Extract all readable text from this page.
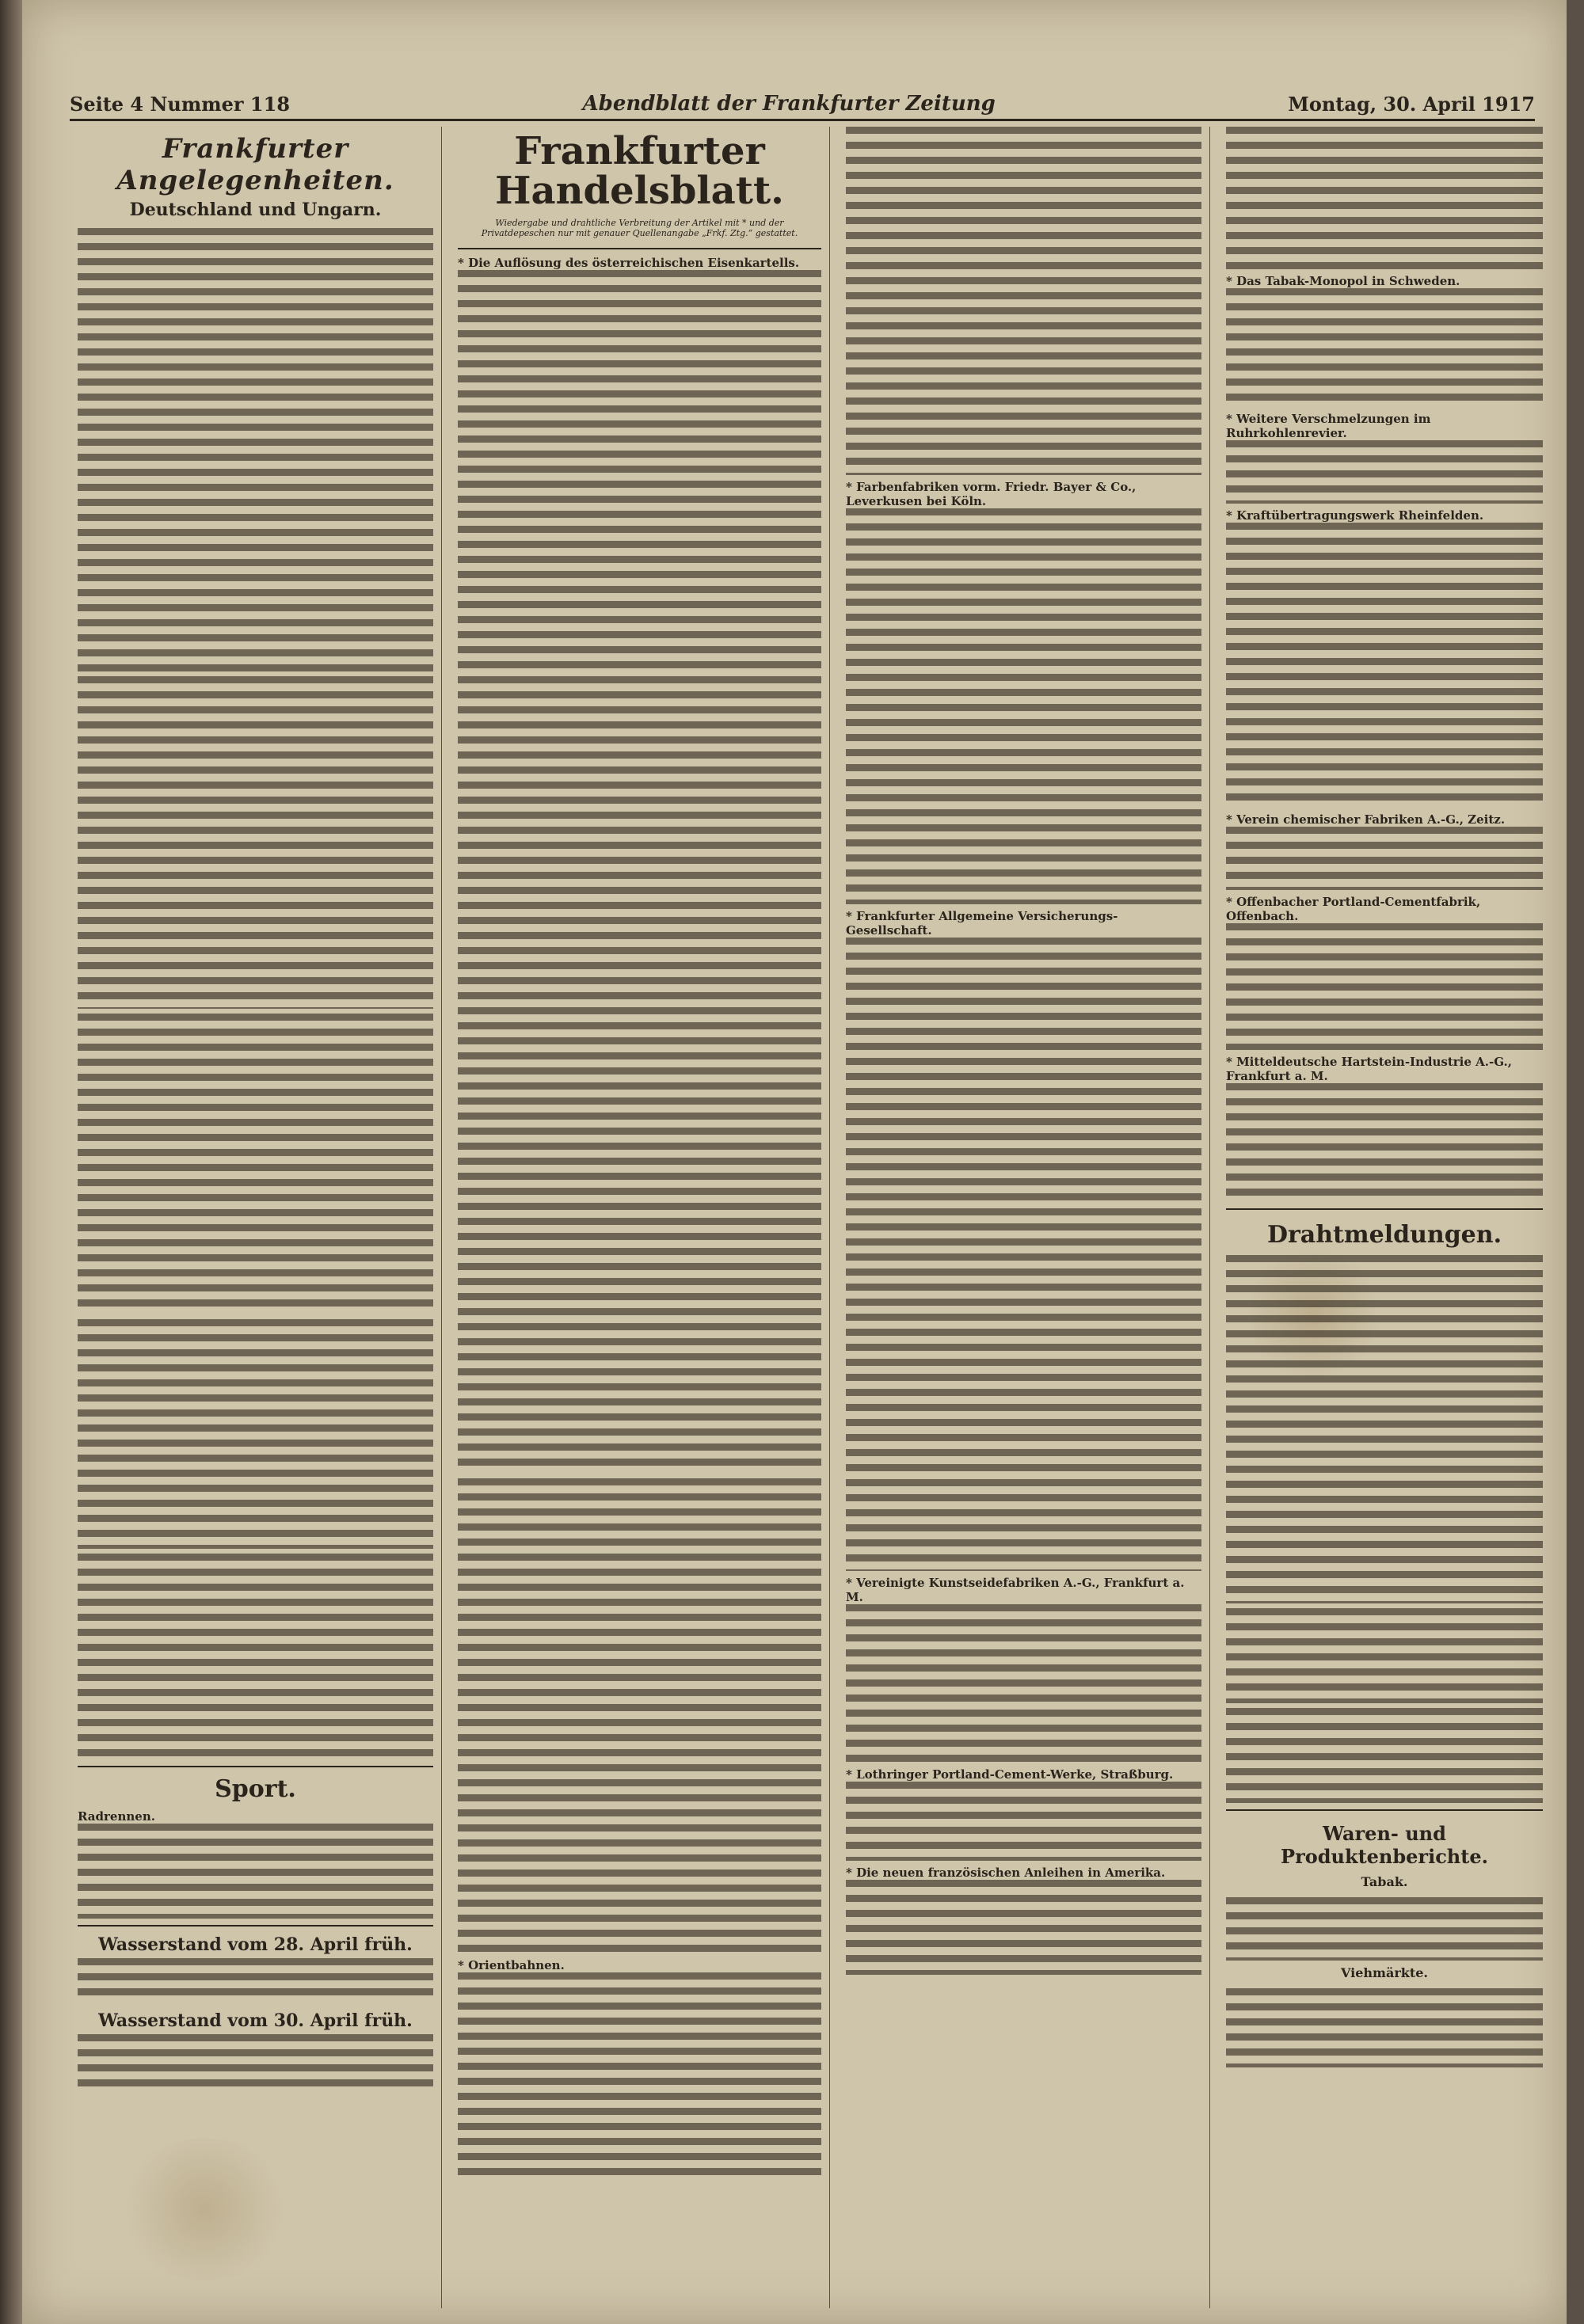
Seite 4 Nummer 118	Abendblatt der Frankfurter Zeitung	Montag, 30. April 1917
Frankfurter Angelegenheiten.
Deutschland und Ungarn.
Sport.
Radrennen.
Wasserstand vom 28. April früh.
Wasserstand vom 30. April früh.
Frankfurter Handelsblatt.
Wiedergabe und drahtliche Verbreitung der Artikel mit * und der Privatdepeschen nur mit genauer Quellenangabe „Frkf. Ztg.“ gestattet.
* Die Auflösung des österreichischen Eisenkartells.
* Orientbahnen.
* Farbenfabriken vorm. Friedr. Bayer & Co., Leverkusen bei Köln.
* Frankfurter Allgemeine Versicherungs-Gesellschaft.
* Vereinigte Kunstseidefabriken A.-G., Frankfurt a. M.
* Lothringer Portland-Cement-Werke, Straßburg.
* Die neuen französischen Anleihen in Amerika.
* Das Tabak-Monopol in Schweden.
* Weitere Verschmelzungen im Ruhrkohlenrevier.
* Kraftübertragungswerk Rheinfelden.
* Verein chemischer Fabriken A.-G., Zeitz.
* Offenbacher Portland-Cementfabrik, Offenbach.
* Mitteldeutsche Hartstein-Industrie A.-G., Frankfurt a. M.
Drahtmeldungen.
Waren- und Produktenberichte.
Tabak.
Viehmärkte.
